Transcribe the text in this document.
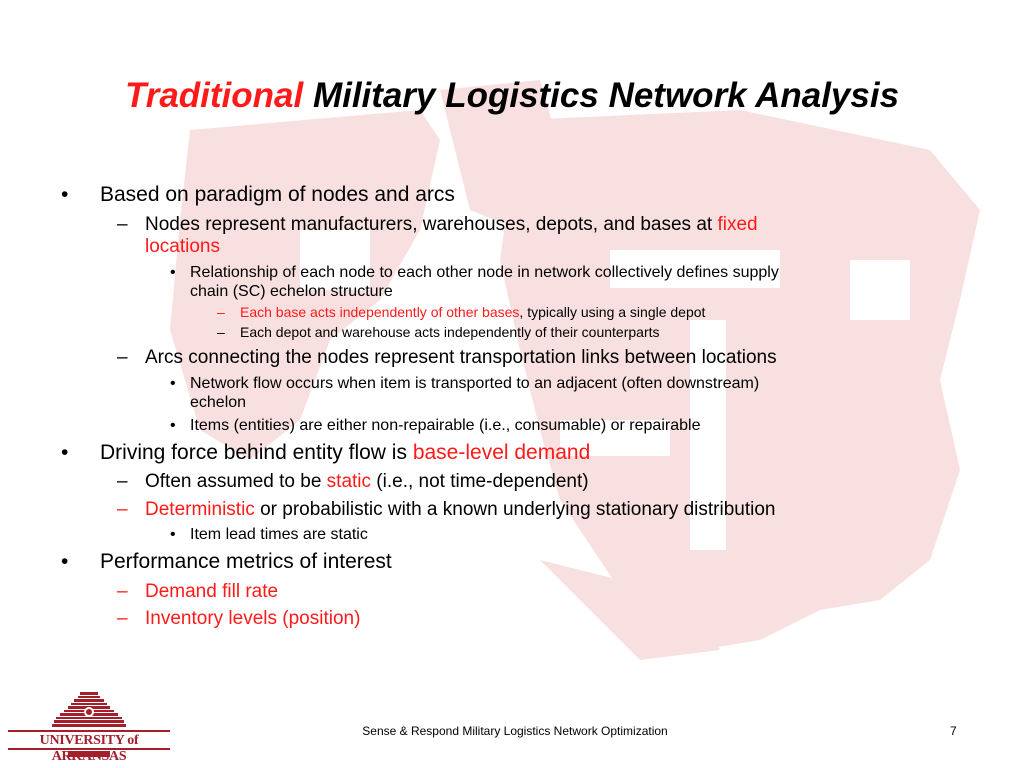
Traditional Military Logistics Network Analysis
• Based on paradigm of nodes and arcs
– Nodes represent manufacturers, warehouses, depots, and bases at fixed
locations
• Relationship of each node to each other node in network collectively defines supply
chain (SC) echelon structure
– Each base acts independently of other bases, typically using a single depot
– Each depot and warehouse acts independently of their counterparts
– Arcs connecting the nodes represent transportation links between locations
• Network flow occurs when item is transported to an adjacent (often downstream)
echelon
• Items (entities) are either non-repairable (i.e., consumable) or repairable
• Driving force behind entity flow is base-level demand
– Often assumed to be static (i.e., not time-dependent)
– Deterministic or probabilistic with a known underlying stationary distribution
• Item lead times are static
• Performance metrics of interest
– Demand fill rate
– Inventory levels (position)
UNIVERSITY of ARKANSAS
Sense & Respond Military Logistics Network Optimization	7
